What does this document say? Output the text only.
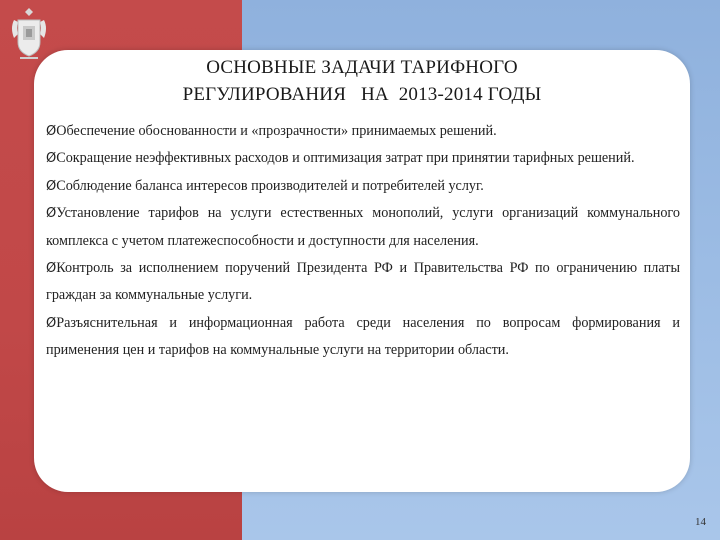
ОСНОВНЫЕ ЗАДАЧИ ТАРИФНОГО
РЕГУЛИРОВАНИЯ   НА  2013-2014 ГОДЫ
ØОбеспечение обоснованности и «прозрачности» принимаемых решений.
ØСокращение неэффективных расходов и оптимизация затрат при принятии тарифных решений.
ØСоблюдение баланса интересов производителей и потребителей услуг.
ØУстановление тарифов на услуги естественных монополий, услуги организаций коммунального комплекса с учетом платежеспособности и доступности для населения.
ØКонтроль за исполнением поручений Президента РФ и Правительства РФ по ограничению платы граждан за коммунальные услуги.
ØРазъяснительная и информационная работа среди населения по вопросам формирования и применения цен и тарифов на коммунальные услуги на территории области.
14
